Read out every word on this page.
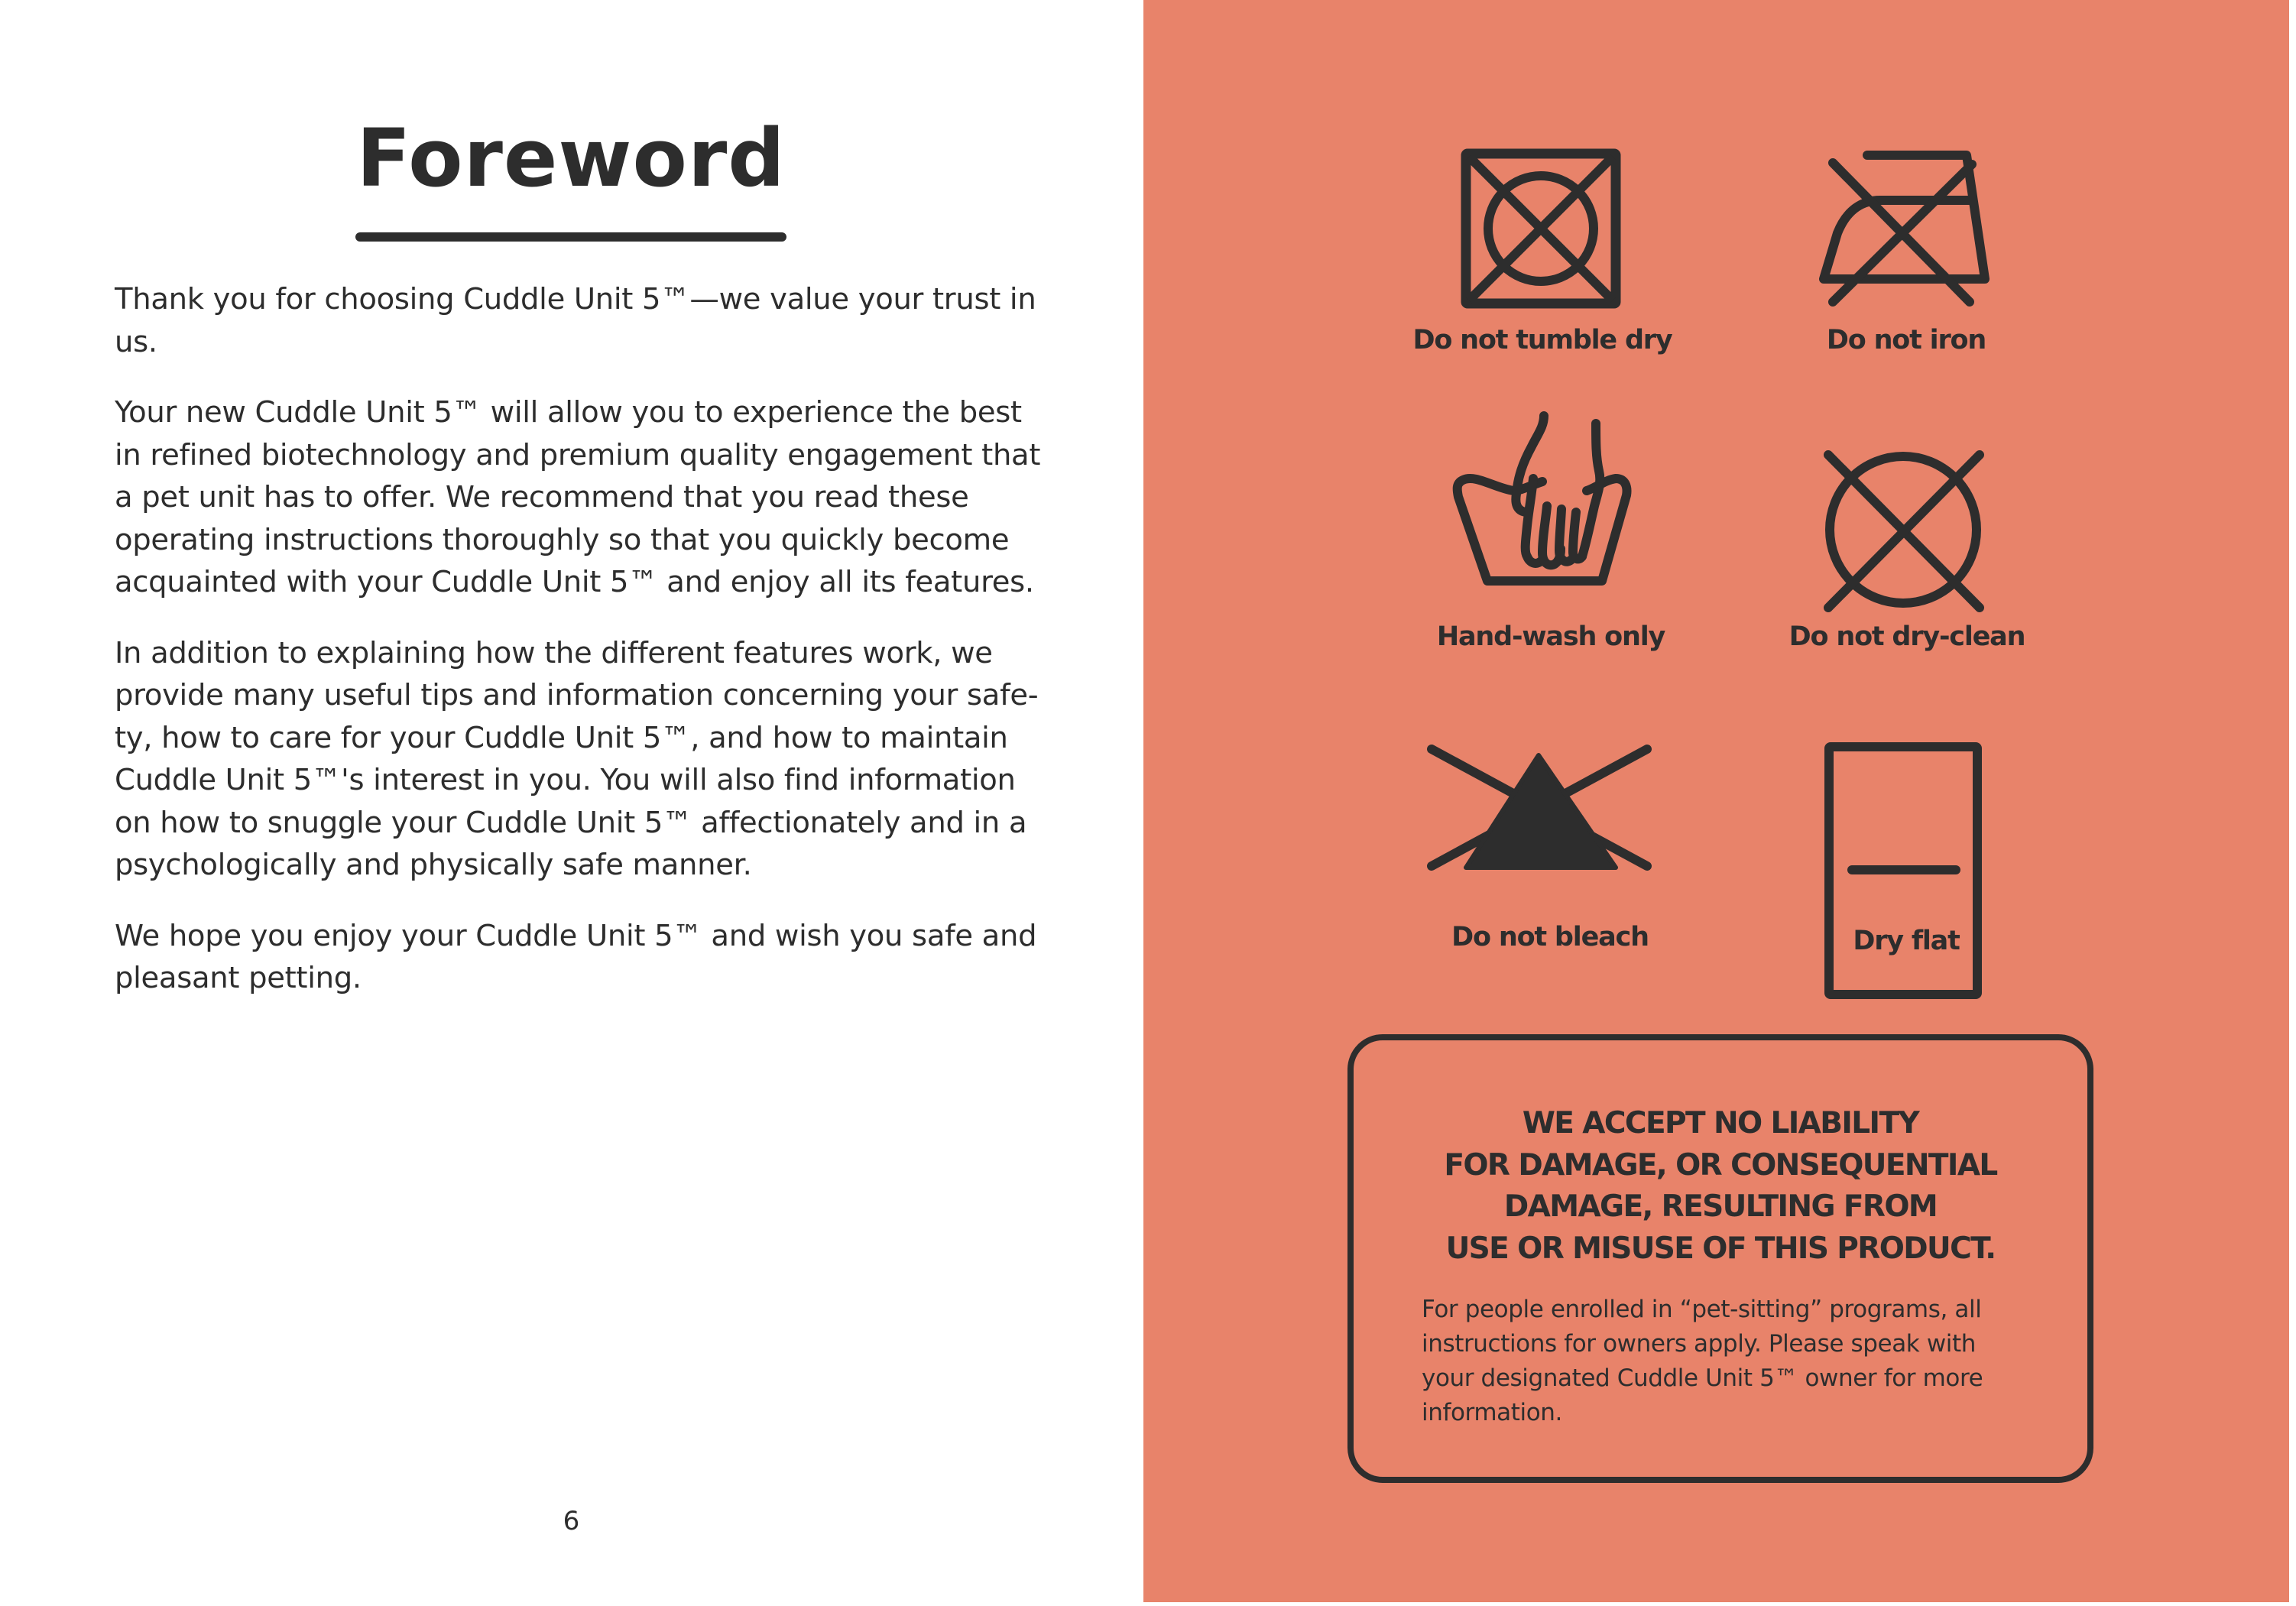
Foreword

Thank you for choosing Cuddle Unit 5™—we value your trust in us.

Your new Cuddle Unit 5™ will allow you to experience the best in refined biotechnology and premium quality engagement that a pet unit has to offer. We recommend that you read these operating instructions thoroughly so that you quickly become acquainted with your Cuddle Unit 5™ and enjoy all its features.

In addition to explaining how the different features work, we provide many useful tips and information concerning your safe-ty, how to care for your Cuddle Unit 5™, and how to maintain Cuddle Unit 5™'s interest in you. You will also find information on how to snuggle your Cuddle Unit 5™ affectionately and in a psychologically and physically safe manner.

We hope you enjoy your Cuddle Unit 5™ and wish you safe and pleasant petting.

6
Do not tumble dry	Do not iron
Hand-wash only	Do not dry-clean
Do not bleach	Dry flat
WE ACCEPT NO LIABILITY
FOR DAMAGE, OR CONSEQUENTIAL
DAMAGE, RESULTING FROM
USE OR MISUSE OF THIS PRODUCT.

For people enrolled in “pet-sitting” programs, all instructions for owners apply. Please speak with your designated Cuddle Unit 5™ owner for more information.
